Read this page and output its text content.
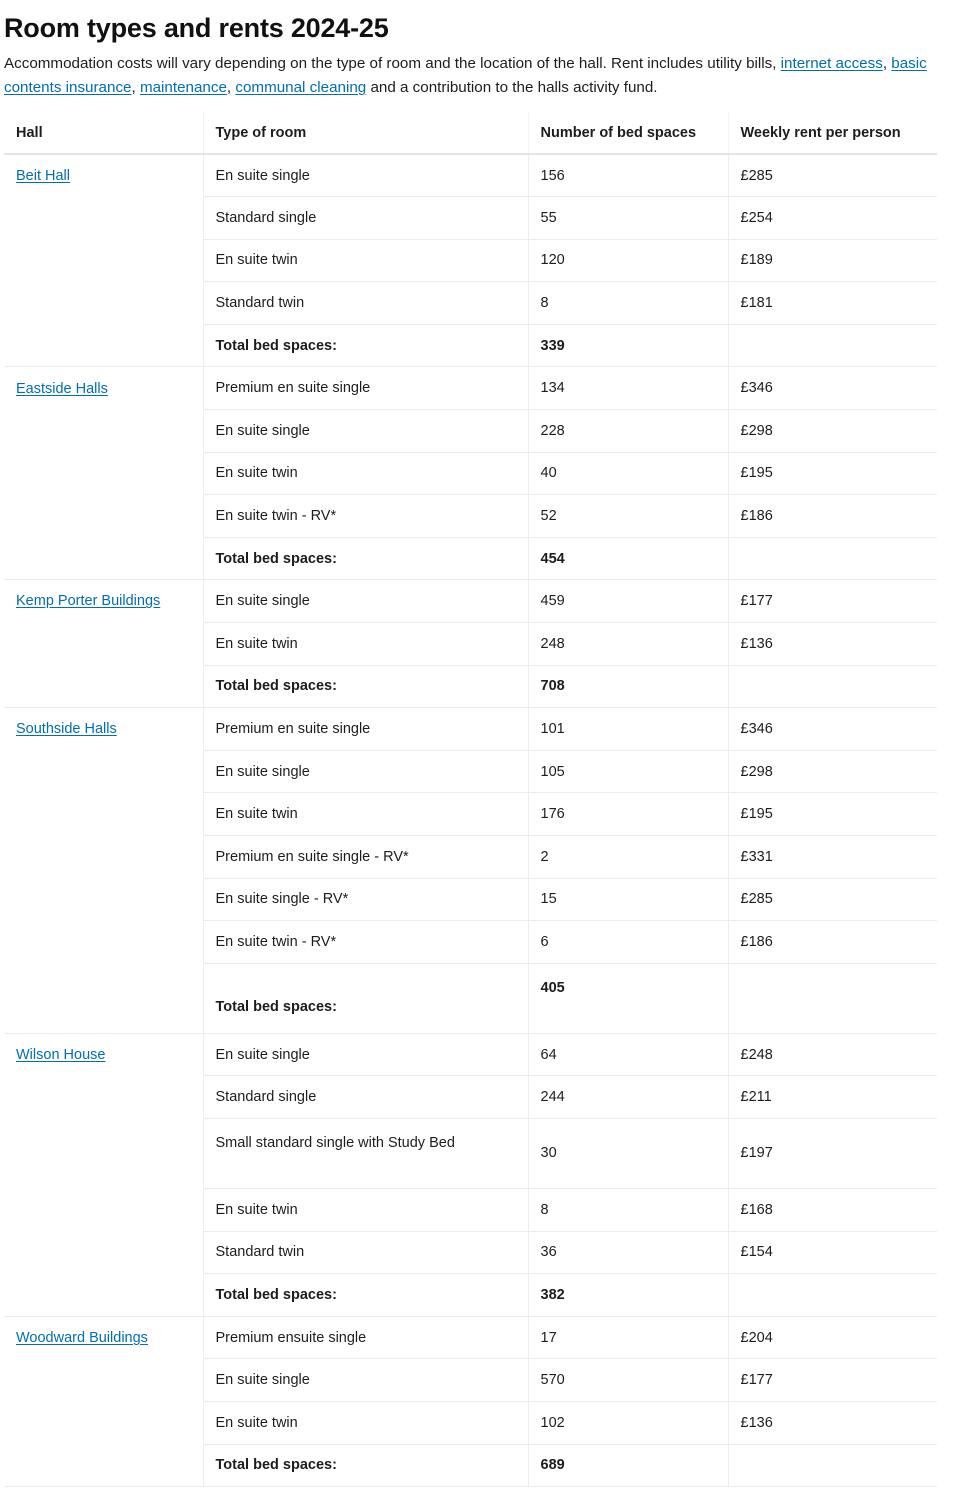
Room types and rents 2024-25

Accommodation costs will vary depending on the type of room and the location of the hall. Rent includes utility bills, internet access, basic contents insurance, maintenance, communal cleaning and a contribution to the halls activity fund.

Hall	Type of room	Number of bed spaces	Weekly rent per person
Beit Hall	En suite single	156	£285
	Standard single	55	£254
	En suite twin	120	£189
	Standard twin	8	£181
	Total bed spaces:	339	
Eastside Halls	Premium en suite single	134	£346
	En suite single	228	£298
	En suite twin	40	£195
	En suite twin - RV*	52	£186
	Total bed spaces:	454	
Kemp Porter Buildings	En suite single	459	£177
	En suite twin	248	£136
	Total bed spaces:	708	
Southside Halls	Premium en suite single	101	£346
	En suite single	105	£298
	En suite twin	176	£195
	Premium en suite single - RV*	2	£331
	En suite single - RV*	15	£285
	En suite twin - RV*	6	£186
	Total bed spaces:	405	
Wilson House	En suite single	64	£248
	Standard single	244	£211
	Small standard single with Study Bed	30	£197
	En suite twin	8	£168
	Standard twin	36	£154
	Total bed spaces:	382	
Woodward Buildings	Premium ensuite single	17	£204
	En suite single	570	£177
	En suite twin	102	£136
	Total bed spaces:	689	
